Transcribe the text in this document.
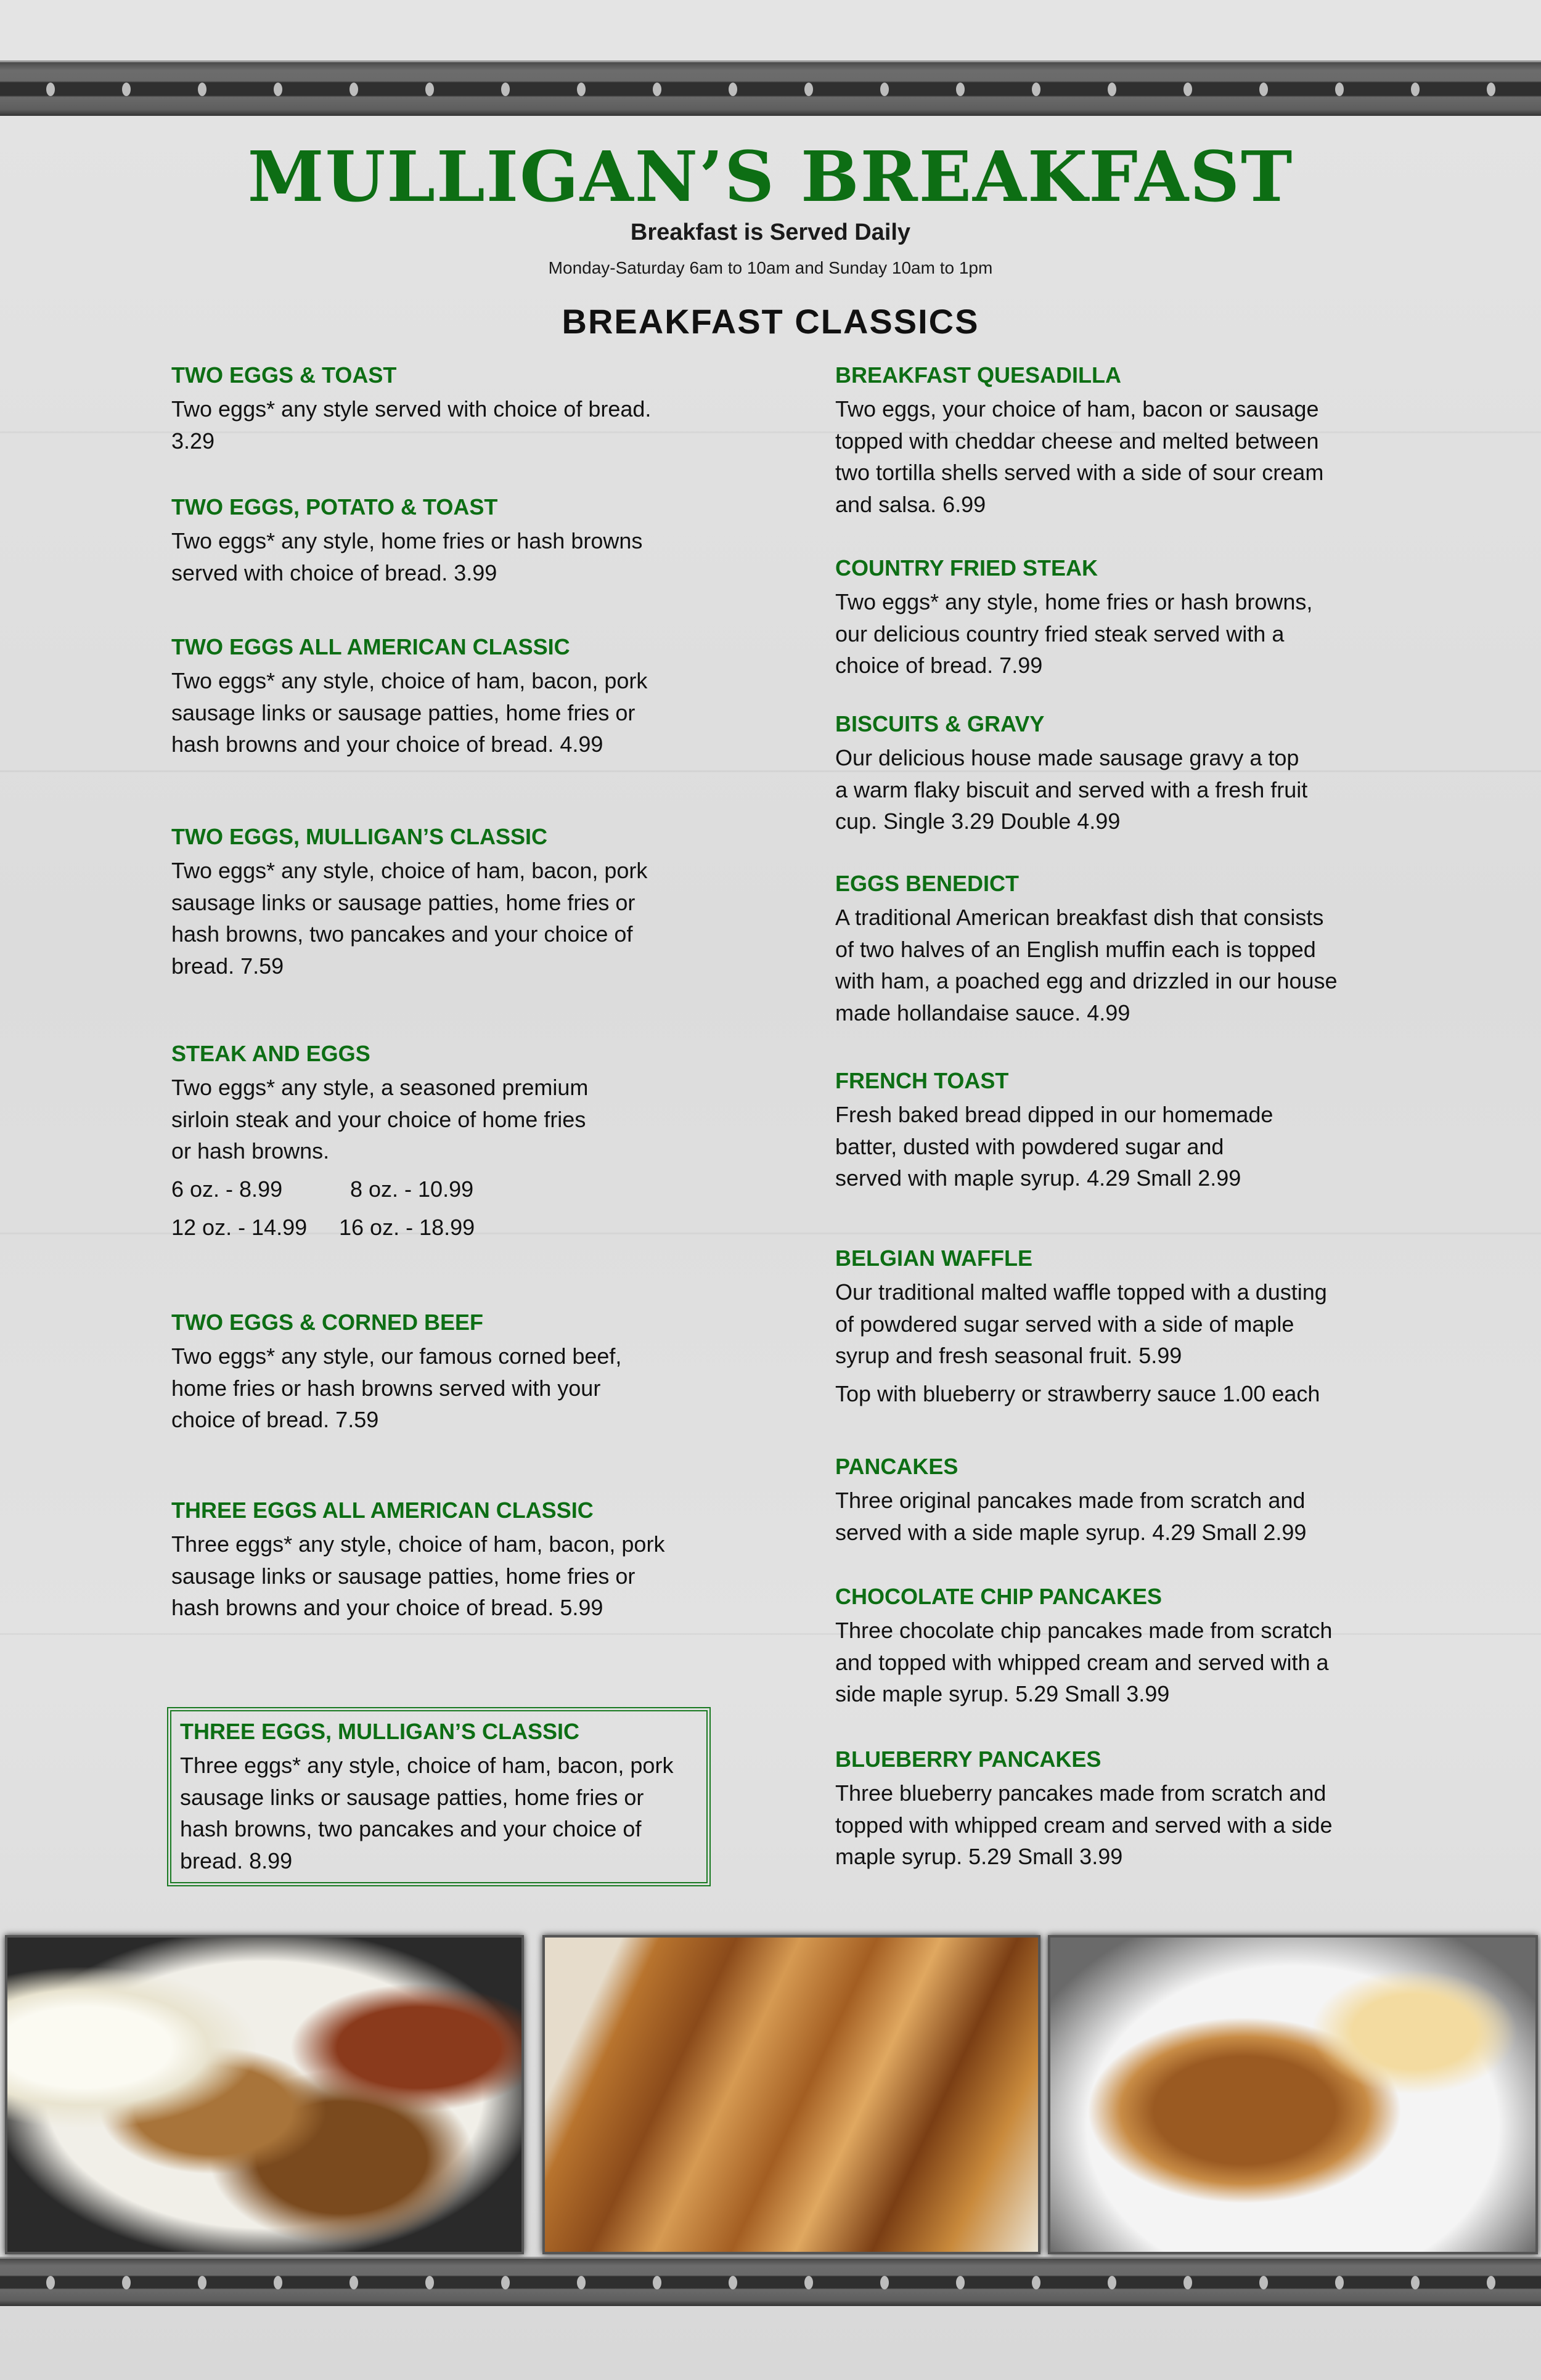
MULLIGAN’S BREAKFAST
Breakfast is Served Daily
Monday-Saturday 6am to 10am and Sunday 10am to 1pm
BREAKFAST CLASSICS
TWO EGGS & TOAST
Two eggs* any style served with choice of bread.
3.29
TWO EGGS, POTATO & TOAST
Two eggs* any style, home fries or hash browns
served with choice of bread. 3.99
TWO EGGS ALL AMERICAN CLASSIC
Two eggs* any style, choice of ham, bacon, pork
sausage links or sausage patties, home fries or
hash browns and your choice of bread. 4.99
TWO EGGS, MULLIGAN’S CLASSIC
Two eggs* any style, choice of ham, bacon, pork
sausage links or sausage patties, home fries or
hash browns, two pancakes and your choice of
bread. 7.59
STEAK AND EGGS
Two eggs* any style, a seasoned premium
sirloin steak and your choice of home fries
or hash browns.
6 oz. - 8.99	8 oz. - 10.99
12 oz. - 14.99 16 oz. - 18.99
TWO EGGS & CORNED BEEF
Two eggs* any style, our famous corned beef,
home fries or hash browns served with your
choice of bread. 7.59
THREE EGGS ALL AMERICAN CLASSIC
Three eggs* any style, choice of ham, bacon, pork
sausage links or sausage patties, home fries or
hash browns and your choice of bread. 5.99
THREE EGGS, MULLIGAN’S CLASSIC
Three eggs* any style, choice of ham, bacon, pork
sausage links or sausage patties, home fries or
hash browns, two pancakes and your choice of
bread. 8.99
BREAKFAST QUESADILLA
Two eggs, your choice of ham, bacon or sausage
topped with cheddar cheese and melted between
two tortilla shells served with a side of sour cream
and salsa. 6.99
COUNTRY FRIED STEAK
Two eggs* any style, home fries or hash browns,
our delicious country fried steak served with a
choice of bread. 7.99
BISCUITS & GRAVY
Our delicious house made sausage gravy a top
a warm flaky biscuit and served with a fresh fruit
cup. Single 3.29 Double 4.99
EGGS BENEDICT
A traditional American breakfast dish that consists
of two halves of an English muffin each is topped
with ham, a poached egg and drizzled in our house
made hollandaise sauce. 4.99
FRENCH TOAST
Fresh baked bread dipped in our homemade
batter, dusted with powdered sugar and
served with maple syrup. 4.29 Small 2.99
BELGIAN WAFFLE
Our traditional malted waffle topped with a dusting
of powdered sugar served with a side of maple
syrup and fresh seasonal fruit. 5.99
Top with blueberry or strawberry sauce 1.00 each
PANCAKES
Three original pancakes made from scratch and
served with a side maple syrup. 4.29 Small 2.99
CHOCOLATE CHIP PANCAKES
Three chocolate chip pancakes made from scratch
and topped with whipped cream and served with a
side maple syrup. 5.29 Small 3.99
BLUEBERRY PANCAKES
Three blueberry pancakes made from scratch and
topped with whipped cream and served with a side
maple syrup. 5.29 Small 3.99
